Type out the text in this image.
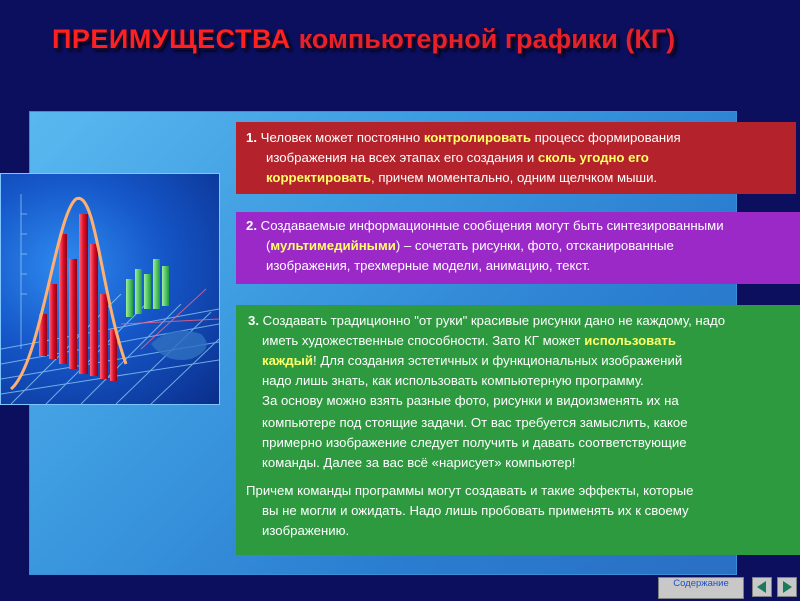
ПРЕИМУЩЕСТВА компьютерной графики (КГ)

1. Человек может постоянно контролировать процесс формирования

изображения на всех этапах его создания и сколь угодно его

корректировать, причем моментально, одним щелчком мыши.

2. Создаваемые информационные сообщения могут быть синтезированными

(мультимедийными) – сочетать рисунки, фото, отсканированные

изображения, трехмерные модели, анимацию, текст.

3. Создавать традиционно "от руки" красивые рисунки дано не каждому, надо

иметь художественные способности. Зато КГ может использовать

каждый! Для создания эстетичных и функциональных изображений

надо лишь знать, как использовать компьютерную программу.

За основу можно взять разные фото, рисунки и видоизменять их на

компьютере под стоящие задачи. От вас требуется замыслить, какое

примерно изображение следует получить и давать соответствующие

команды. Далее за вас всё «нарисует» компьютер!

Причем команды программы могут создавать и такие эффекты, которые

вы не могли и ожидать. Надо лишь пробовать применять их к своему

изображению.

Содержание
